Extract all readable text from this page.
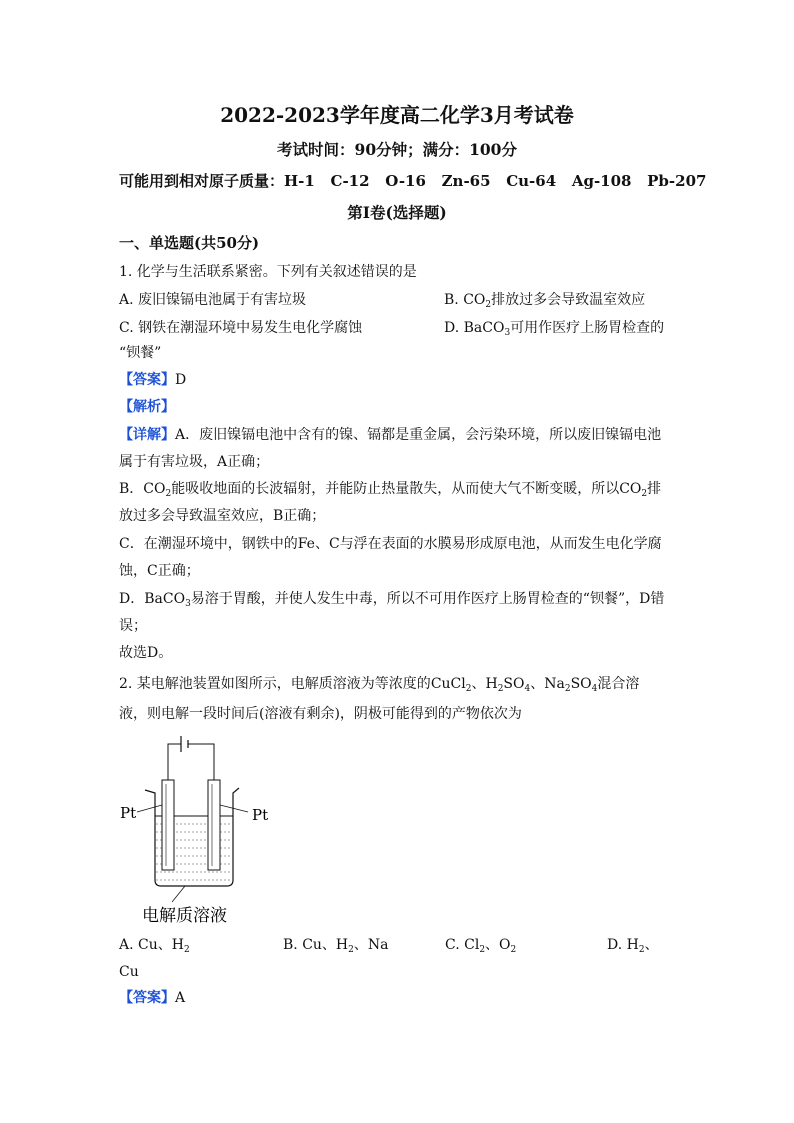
2022-2023学年度高二化学3月考试卷
考试时间：90分钟；满分：100分
可能用到相对原子质量：H-1   C-12   O-16   Zn-65   Cu-64   Ag-108   Pb-207
第I卷(选择题)
一、单选题(共50分)
1. 化学与生活联系紧密。下列有关叙述错误的是
A. 废旧镍镉电池属于有害垃圾	B. $CO_2$排放过多会导致温室效应
C. 钢铁在潮湿环境中易发生电化学腐蚀	D. BaCO$_3$可用作医疗上肠胃检查的
“钡餐”
【答案】D
【解析】
【详解】A．废旧镍镉电池中含有的镍、镉都是重金属，会污染环境，所以废旧镍镉电池
属于有害垃圾，A正确；
B．$CO_2$能吸收地面的长波辐射，并能防止热量散失，从而使大气不断变暖，所以$CO_2$排
放过多会导致温室效应，B正确；
C．在潮湿环境中，钢铁中的Fe、C与浮在表面的水膜易形成原电池，从而发生电化学腐
蚀，C正确；
D．BaCO$_3$易溶于胃酸，并使人发生中毒，所以不可用作医疗上肠胃检查的“钡餐”，D错
误；
故选D。
2. 某电解池装置如图所示，电解质溶液为等浓度的CuCl$_2$、$H_2SO_4$、$Na_2SO_4$混合溶
液，则电解一段时间后(溶液有剩余)，阴极可能得到的产物依次为
Pt	Pt
电解质溶液
A. Cu、$H_2$	B. Cu、$H_2$、Na	C. $Cl_2$、$O_2$	D. $H_2$、
Cu
【答案】A
